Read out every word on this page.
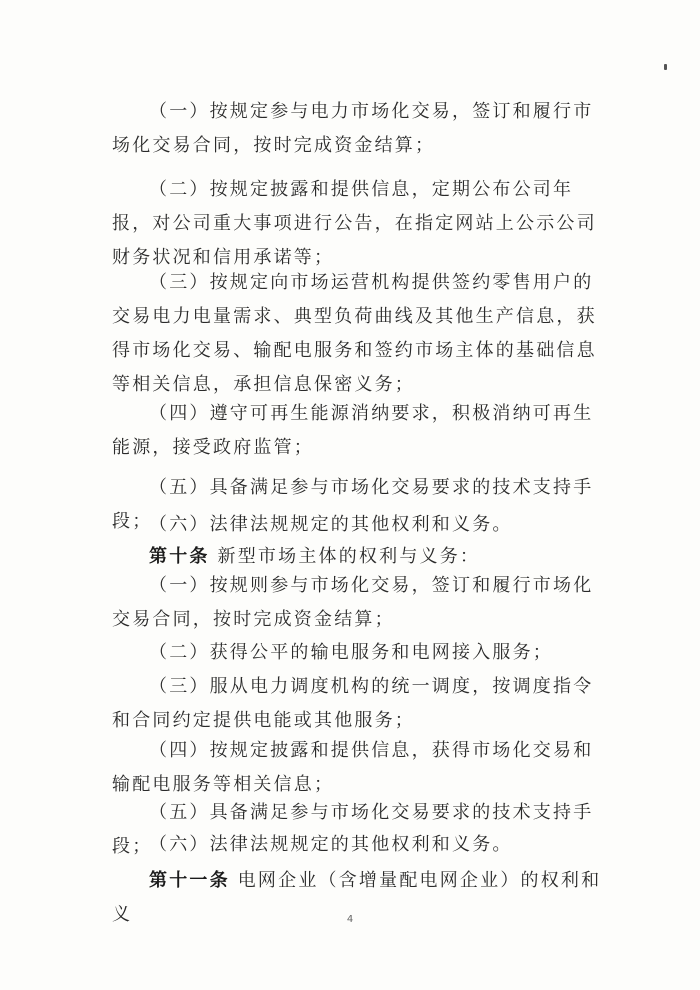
（一）按规定参与电力市场化交易，签订和履行市场化交易合同，按时完成资金结算；

（二）按规定披露和提供信息，定期公布公司年报，对公司重大事项进行公告，在指定网站上公示公司财务状况和信用承诺等；

（三）按规定向市场运营机构提供签约零售用户的交易电力电量需求、典型负荷曲线及其他生产信息，获得市场化交易、输配电服务和签约市场主体的基础信息等相关信息，承担信息保密义务；

（四）遵守可再生能源消纳要求，积极消纳可再生能源，接受政府监管；

（五）具备满足参与市场化交易要求的技术支持手段；

（六）法律法规规定的其他权利和义务。

第十条 新型市场主体的权利与义务：

（一）按规则参与市场化交易，签订和履行市场化交易合同，按时完成资金结算；

（二）获得公平的输电服务和电网接入服务；

（三）服从电力调度机构的统一调度，按调度指令和合同约定提供电能或其他服务；

（四）按规定披露和提供信息，获得市场化交易和输配电服务等相关信息；

（五）具备满足参与市场化交易要求的技术支持手段；

（六）法律法规规定的其他权利和义务。

第十一条 电网企业（含增量配电网企业）的权利和义	4
